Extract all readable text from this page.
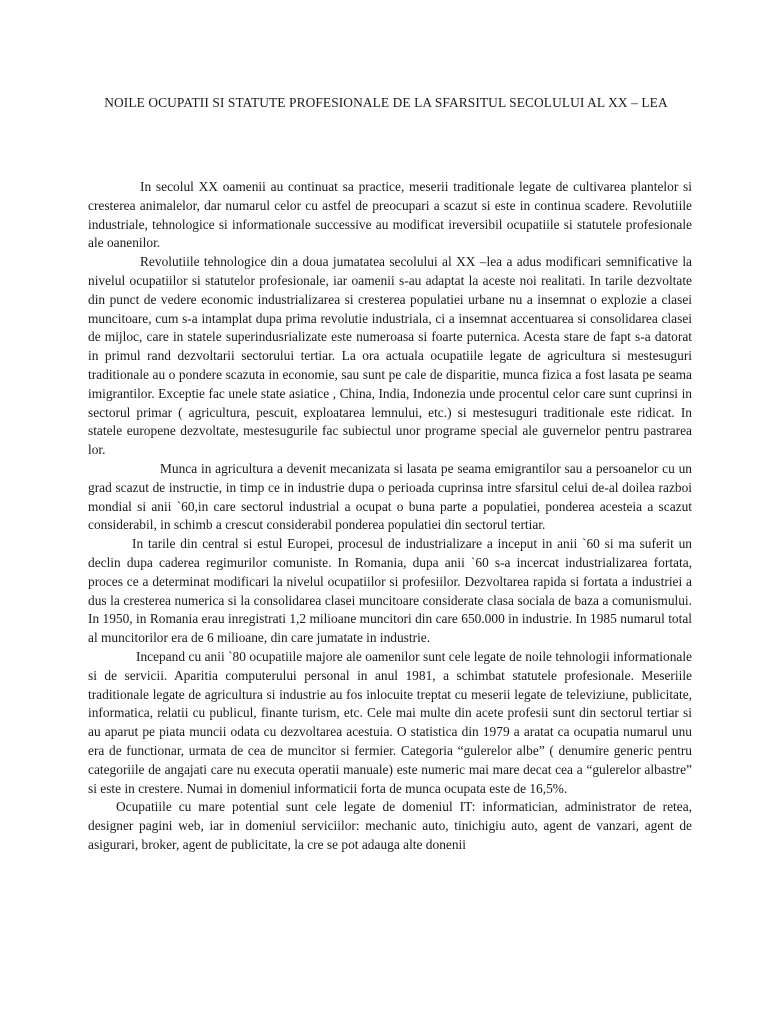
NOILE OCUPATII SI STATUTE PROFESIONALE DE LA SFARSITUL SECOLULUI AL XX – LEA

In secolul XX oamenii au continuat sa practice, meserii traditionale legate de cultivarea plantelor si cresterea animalelor, dar numarul celor cu astfel de preocupari a scazut si este in continua scadere. Revolutiile industriale, tehnologice si informationale successive au modificat ireversibil ocupatiile si statutele profesionale ale oanenilor.

Revolutiile tehnologice din a doua jumatatea secolului al XX –lea a adus modificari semnificative la nivelul ocupatiilor si statutelor profesionale, iar oamenii s-au adaptat la aceste noi realitati. In tarile dezvoltate din punct de vedere economic industrializarea si cresterea populatiei urbane nu a insemnat o explozie a clasei muncitoare, cum s-a intamplat dupa prima revolutie industriala, ci a insemnat accentuarea si consolidarea clasei de mijloc, care in statele superindusrializate este numeroasa si foarte puternica. Acesta stare de fapt s-a datorat in primul rand dezvoltarii sectorului tertiar. La ora actuala ocupatiile legate de agricultura si mestesuguri traditionale au o pondere scazuta in economie, sau sunt pe cale de disparitie, munca fizica a fost lasata pe seama imigrantilor. Exceptie fac unele state asiatice , China, India, Indonezia unde procentul celor care sunt cuprinsi in sectorul primar ( agricultura, pescuit, exploatarea lemnului, etc.) si mestesuguri traditionale este ridicat. In statele europene dezvoltate, mestesugurile fac subiectul unor programe special ale guvernelor pentru pastrarea lor.

Munca in agricultura a devenit mecanizata si lasata pe seama emigrantilor sau a persoanelor cu un grad scazut de instructie, in timp ce in industrie dupa o perioada cuprinsa intre sfarsitul celui de-al doilea razboi mondial si anii `60,in care sectorul industrial a ocupat o buna parte a populatiei, ponderea acesteia a scazut considerabil, in schimb a crescut considerabil ponderea populatiei din sectorul tertiar.

In tarile din central si estul Europei, procesul de industrializare a inceput in anii `60 si ma suferit un declin dupa caderea regimurilor comuniste. In Romania, dupa anii `60 s-a incercat industrializarea fortata, proces ce a determinat modificari la nivelul ocupatiilor si profesiilor. Dezvoltarea rapida si fortata a industriei a dus la cresterea numerica si la consolidarea clasei muncitoare considerate clasa sociala de baza a comunismului. In 1950, in Romania erau inregistrati 1,2 milioane muncitori din care 650.000 in industrie. In 1985 numarul total al muncitorilor era de 6 milioane, din care jumatate in industrie.

Incepand cu anii `80 ocupatiile majore ale oamenilor sunt cele legate de noile tehnologii informationale si de servicii. Aparitia computerului personal in anul 1981, a schimbat statutele profesionale. Meseriile traditionale legate de agricultura si industrie au fos inlocuite treptat cu meserii legate de televiziune, publicitate, informatica, relatii cu publicul, finante turism, etc. Cele mai multe din acete profesii sunt din sectorul tertiar si au aparut pe piata muncii odata cu dezvoltarea acestuia. O statistica din 1979 a aratat ca ocupatia numarul unu era de functionar, urmata de cea de muncitor si fermier. Categoria “gulerelor albe” ( denumire generic pentru categoriile de angajati care nu executa operatii manuale) este numeric mai mare decat cea a “gulerelor albastre” si este in crestere. Numai in domeniul informaticii forta de munca ocupata este de 16,5%.

Ocupatiile cu mare potential sunt cele legate de domeniul IT: informatician, administrator de retea, designer pagini web, iar in domeniul serviciilor: mechanic auto, tinichigiu auto, agent de vanzari, agent de asigurari, broker, agent de publicitate, la cre se pot adauga alte donenii
